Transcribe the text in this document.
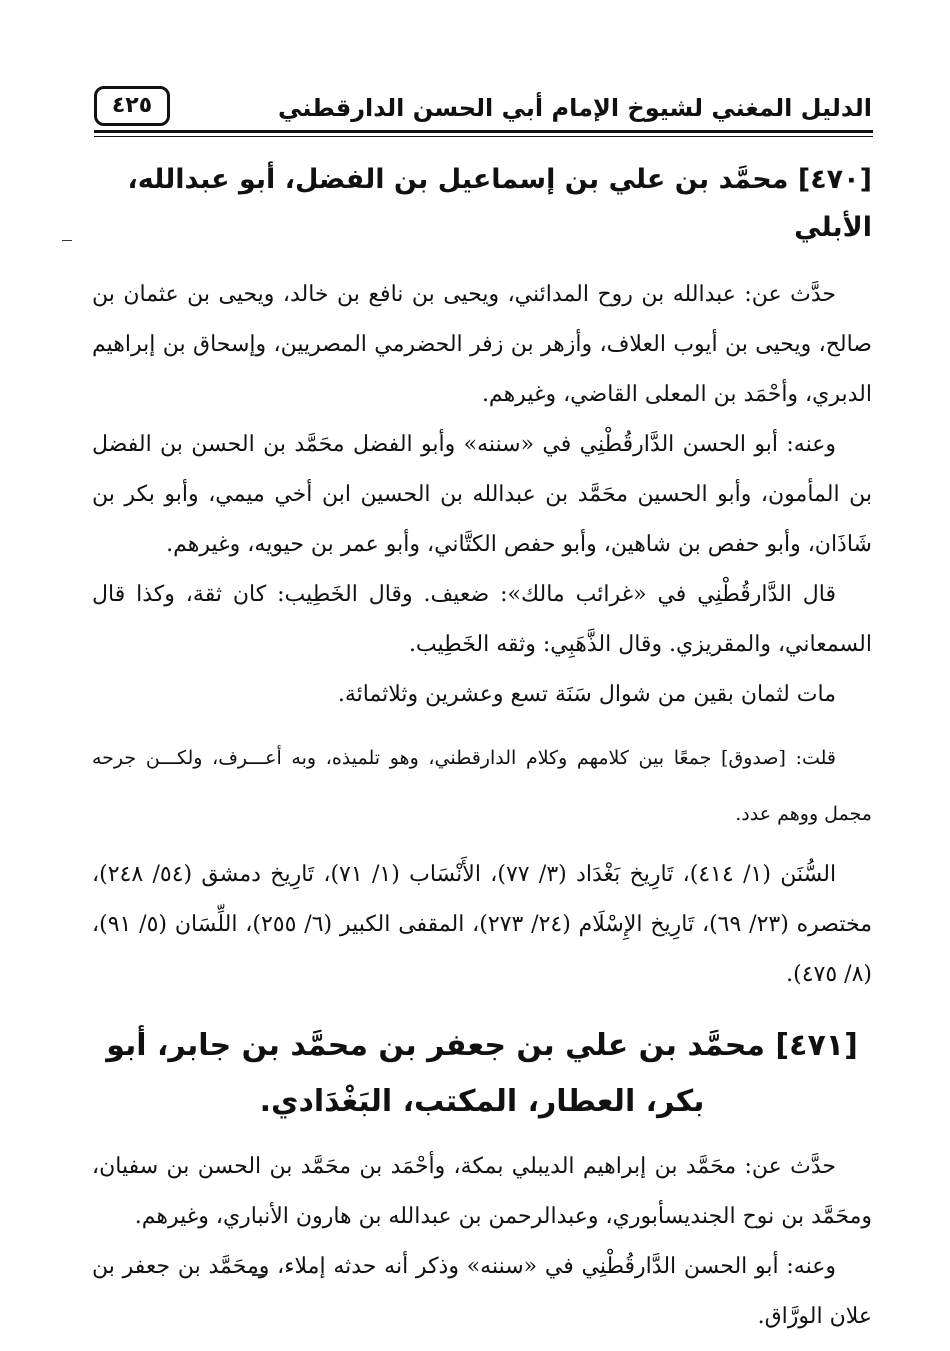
الدليل المغني لشيوخ الإمام أبي الحسن الدارقطني
٤٢٥
[٤٧٠] محمَّد بن علي بن إسماعيل بن الفضل، أبو عبدالله، الأبلي

حدَّث عن: عبدالله بن روح المدائني، ويحيى بن نافع بن خالد، ويحيى بن عثمان بن صالح، ويحيى بن أيوب العلاف، وأزهر بن زفر الحضرمي المصريين، وإسحاق بن إبراهيم الدبري، وأحْمَد بن المعلى القاضي، وغيرهم.

وعنه: أبو الحسن الدَّارقُطْنِي في «سننه» وأبو الفضل محَمَّد بن الحسن بن الفضل بن المأمون، وأبو الحسين محَمَّد بن عبدالله بن الحسين ابن أخي ميمي، وأبو بكر بن شَاذَان، وأبو حفص بن شاهين، وأبو حفص الكتَّاني، وأبو عمر بن حيويه، وغيرهم.

قال الدَّارقُطْنِي في «غرائب مالك»: ضعيف. وقال الخَطِيب: كان ثقة، وكذا قال السمعاني، والمقريزي. وقال الذَّهَبِي: وثقه الخَطِيب.

مات لثمان بقين من شوال سَنَة تسع وعشرين وثلاثمائة.

قلت: [صدوق] جمعًا بين كلامهم وكلام الدارقطني، وهو تلميذه، وبه أعـــرف، ولكـــن جرحه مجمل ووهم عدد.

السُّنَن (١/ ٤١٤)، تَارِيخ بَغْدَاد (٣/ ٧٧)، الأَنْسَاب (١/ ٧١)، تَارِيخ دمشق (٥٤/ ٢٤٨)، مختصره (٢٣/ ٦٩)، تَارِيخ الإِسْلَام (٢٤/ ٢٧٣)، المقفى الكبير (٦/ ٢٥٥)، اللِّسَان (٥/ ٩١)، (٨/ ٤٧٥).

[٤٧١] محمَّد بن علي بن جعفر بن محمَّد بن جابر، أبو بكر، العطار، المكتب، البَغْدَادي.

حدَّث عن: محَمَّد بن إبراهيم الديبلي بمكة، وأحْمَد بن محَمَّد بن الحسن بن سفيان، ومحَمَّد بن نوح الجنديسأبوري، وعبدالرحمن بن عبدالله بن هارون الأنباري، وغيرهم.

وعنه: أبو الحسن الدَّارقُطْنِي في «سننه» وذكر أنه حدثه إملاء، ومحَمَّد بن جعفر بن علان الورَّاق.
